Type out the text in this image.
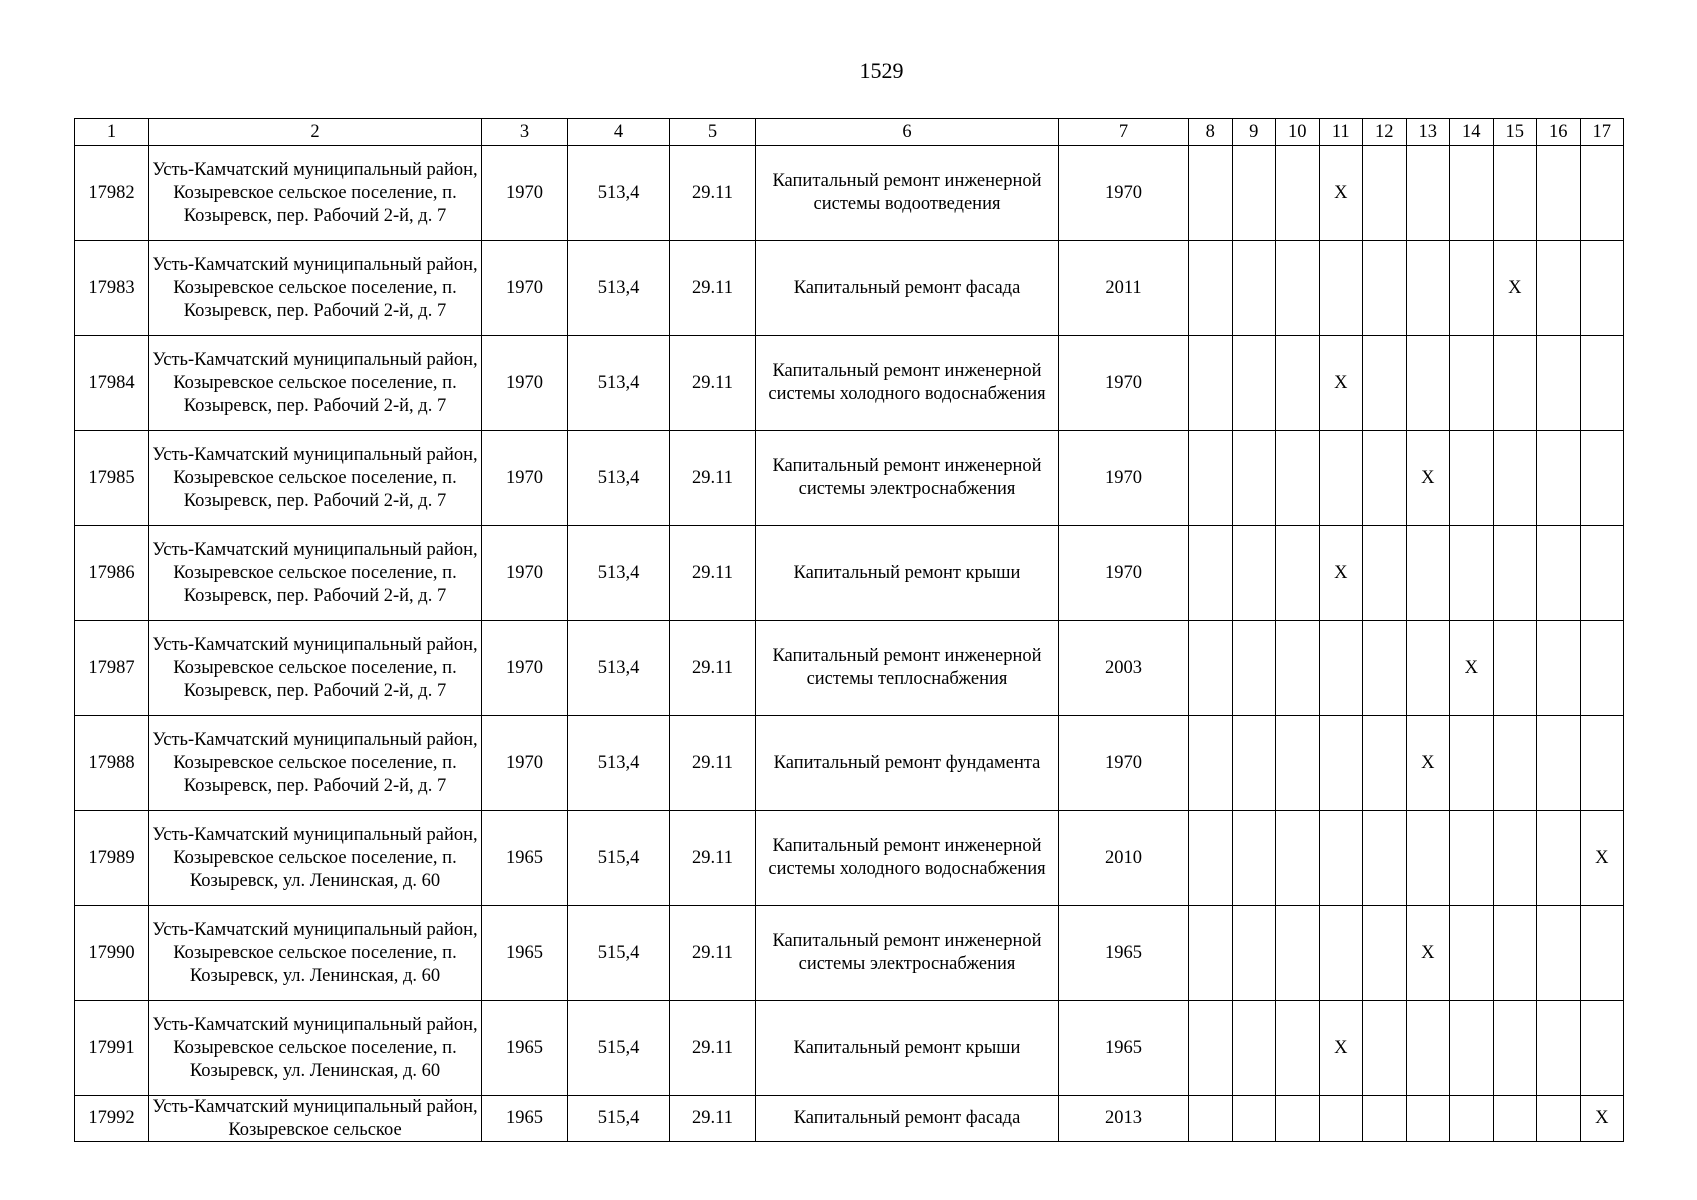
1529
1	2	3	4	5	6	7	8	9	10	11	12	13	14	15	16	17
17982	Усть-Камчатский муниципальный район, Козыревское сельское поселение, п. Козыревск, пер. Рабочий 2-й, д. 7	1970	513,4	29.11	Капитальный ремонт инженерной системы водоотведения	1970				X						
17983	Усть-Камчатский муниципальный район, Козыревское сельское поселение, п. Козыревск, пер. Рабочий 2-й, д. 7	1970	513,4	29.11	Капитальный ремонт фасада	2011								X		
17984	Усть-Камчатский муниципальный район, Козыревское сельское поселение, п. Козыревск, пер. Рабочий 2-й, д. 7	1970	513,4	29.11	Капитальный ремонт инженерной системы холодного водоснабжения	1970				X						
17985	Усть-Камчатский муниципальный район, Козыревское сельское поселение, п. Козыревск, пер. Рабочий 2-й, д. 7	1970	513,4	29.11	Капитальный ремонт инженерной системы электроснабжения	1970						X				
17986	Усть-Камчатский муниципальный район, Козыревское сельское поселение, п. Козыревск, пер. Рабочий 2-й, д. 7	1970	513,4	29.11	Капитальный ремонт крыши	1970				X						
17987	Усть-Камчатский муниципальный район, Козыревское сельское поселение, п. Козыревск, пер. Рабочий 2-й, д. 7	1970	513,4	29.11	Капитальный ремонт инженерной системы теплоснабжения	2003							X			
17988	Усть-Камчатский муниципальный район, Козыревское сельское поселение, п. Козыревск, пер. Рабочий 2-й, д. 7	1970	513,4	29.11	Капитальный ремонт фундамента	1970						X				
17989	Усть-Камчатский муниципальный район, Козыревское сельское поселение, п. Козыревск, ул. Ленинская, д. 60	1965	515,4	29.11	Капитальный ремонт инженерной системы холодного водоснабжения	2010										X
17990	Усть-Камчатский муниципальный район, Козыревское сельское поселение, п. Козыревск, ул. Ленинская, д. 60	1965	515,4	29.11	Капитальный ремонт инженерной системы электроснабжения	1965						X				
17991	Усть-Камчатский муниципальный район, Козыревское сельское поселение, п. Козыревск, ул. Ленинская, д. 60	1965	515,4	29.11	Капитальный ремонт крыши	1965				X						
17992	Усть-Камчатский муниципальный район, Козыревское сельское	1965	515,4	29.11	Капитальный ремонт фасада	2013										X
